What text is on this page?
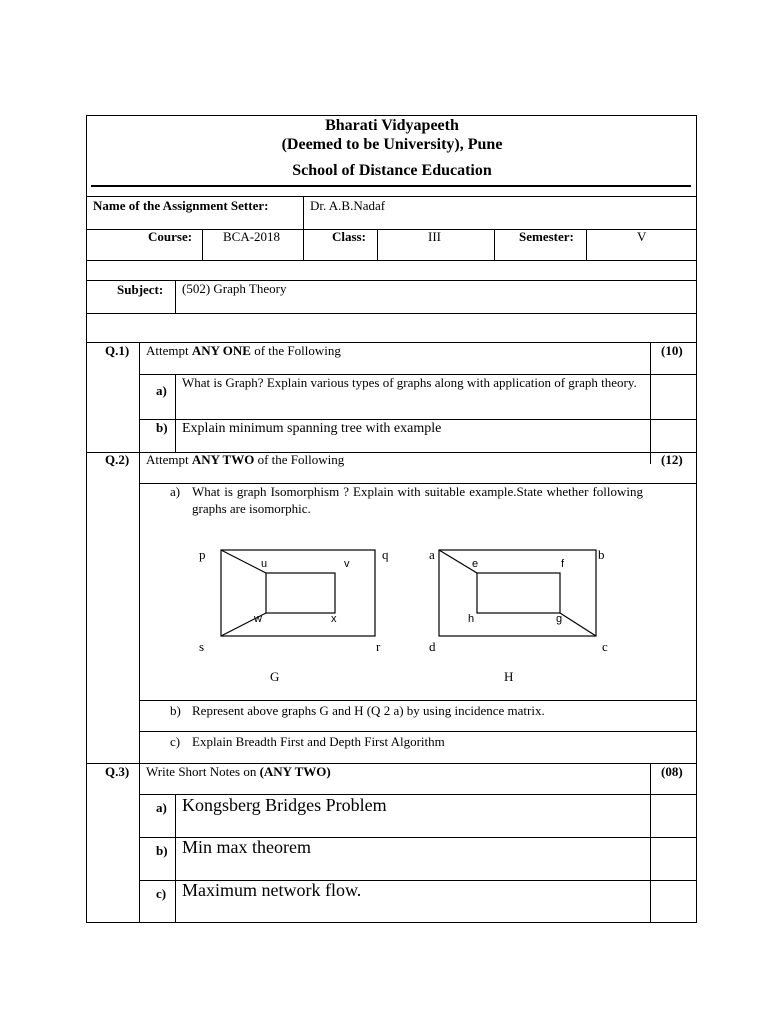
Bharati Vidyapeeth
(Deemed to be University), Pune
School of Distance Education
Name of the Assignment Setter:	Dr. A.B.Nadaf
Course: BCA-2018	Class:	III	Semester:	V
Subject: (502) Graph Theory
Q.1) Attempt ANY ONE of the Following	(10)
a)
What is Graph? Explain various types of graphs along with application of graph theory.
b) Explain minimum spanning tree with example
Q.2) Attempt ANY TWO of the Following	(12)
a) What is graph Isomorphism ? Explain with suitable example.State whether following graphs are isomorphic.
p	q
r
s
u	v
x
w
G
a	b
c
d
e	f
g
h
H
b) Represent above graphs G and H (Q 2 a) by using incidence matrix.
c) Explain Breadth First and Depth First Algorithm
Q.3) Write Short Notes on (ANY TWO)	(08)
a) Kongsberg Bridges Problem
b) Min max theorem
c) Maximum network flow.
